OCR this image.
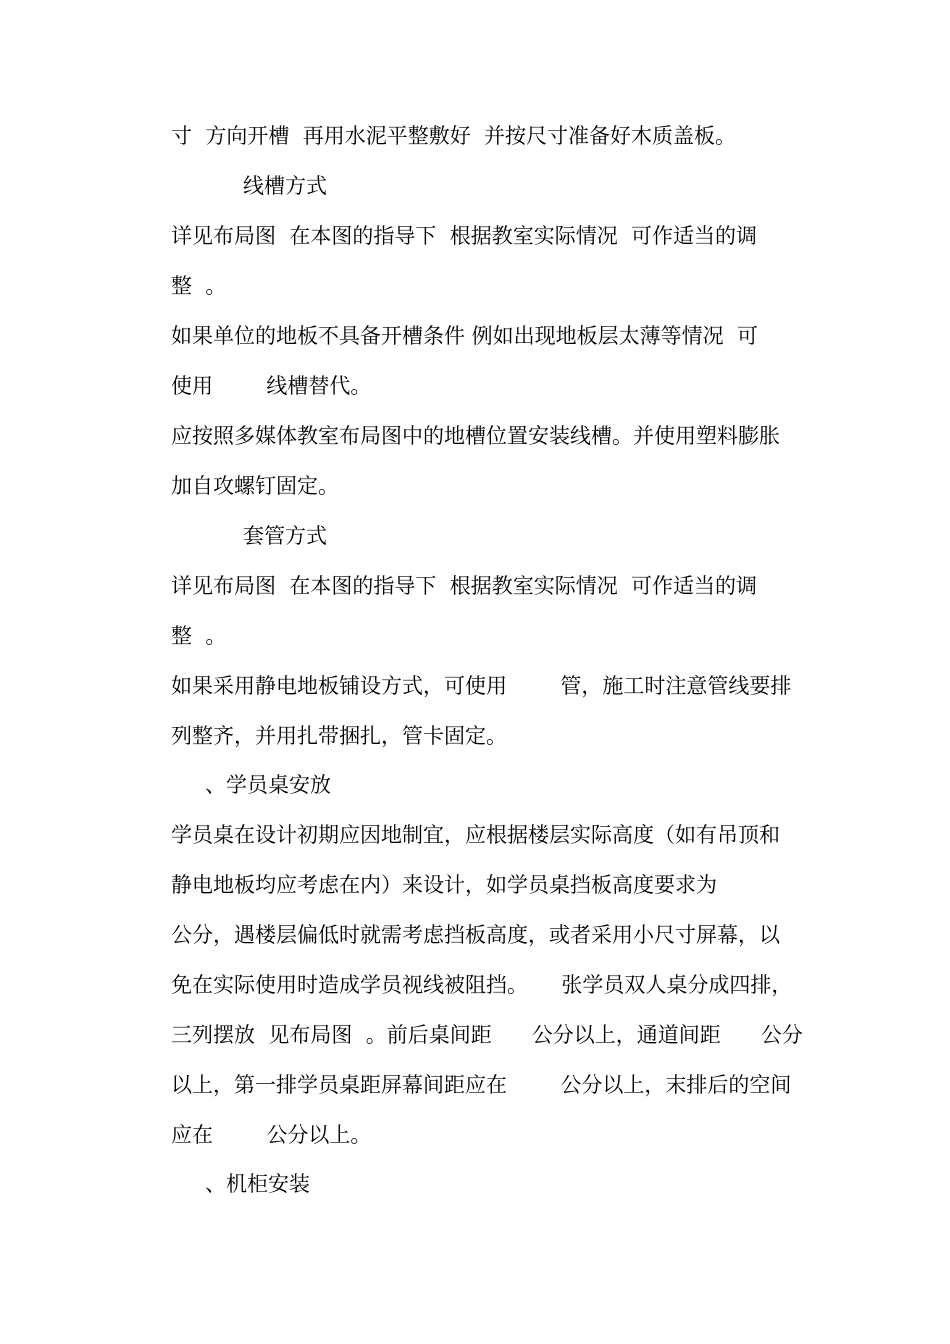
寸  方向开槽  再用水泥平整敷好  并按尺寸准备好木质盖板。

线槽方式

详见布局图  在本图的指导下  根据教室实际情况  可作适当的调

整  。

如果单位的地板不具备开槽条件 例如出现地板层太薄等情况  可

使用        线槽替代。

应按照多媒体教室布局图中的地槽位置安装线槽。并使用塑料膨胀

加自攻螺钉固定。

套管方式

详见布局图  在本图的指导下  根据教室实际情况  可作适当的调

整  。

如果采用静电地板铺设方式，可使用        管，施工时注意管线要排

列整齐，并用扎带捆扎，管卡固定。

、学员桌安放

学员桌在设计初期应因地制宜，应根据楼层实际高度（如有吊顶和

静电地板均应考虑在内）来设计，如学员桌挡板高度要求为

公分，遇楼层偏低时就需考虑挡板高度，或者采用小尺寸屏幕，以

免在实际使用时造成学员视线被阻挡。     张学员双人桌分成四排，

三列摆放  见布局图  。前后桌间距      公分以上，通道间距      公分

以上，第一排学员桌距屏幕间距应在        公分以上，末排后的空间

应在        公分以上。

、机柜安装
